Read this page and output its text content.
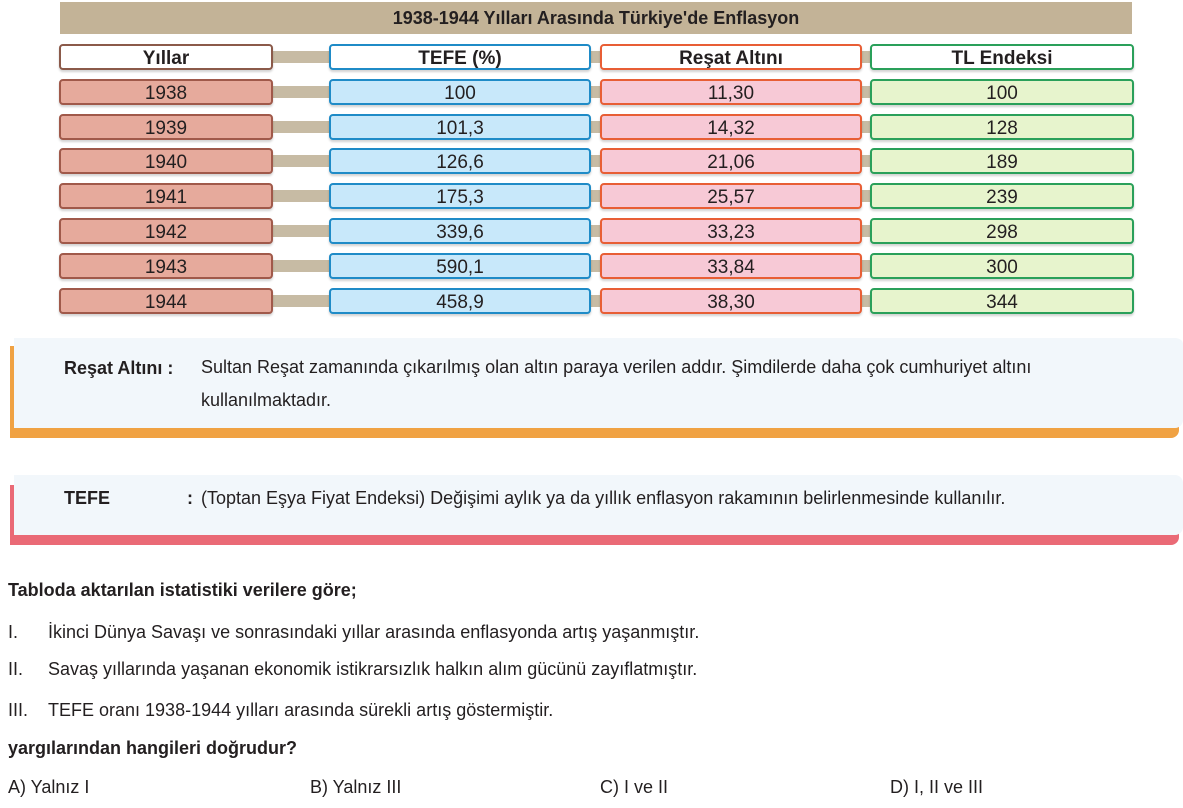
1938-1944 Yılları Arasında Türkiye'de Enflasyon
Yıllar	TEFE (%)	Reşat Altını	TL Endeksi
1938	100	11,30	100
1939	101,3	14,32	128
1940	126,6	21,06	189
1941	175,3	25,57	239
1942	339,6	33,23	298
1943	590,1	33,84	300
1944	458,9	38,30	344
Reşat Altını : Sultan Reşat zamanında çıkarılmış olan altın paraya verilen addır. Şimdilerde daha çok cumhuriyet altını
kullanılmaktadır.
TEFE	: (Toptan Eşya Fiyat Endeksi) Değişimi aylık ya da yıllık enflasyon rakamının belirlenmesinde kullanılır.
Tabloda aktarılan istatistiki verilere göre;
I. İkinci Dünya Savaşı ve sonrasındaki yıllar arasında enflasyonda artış yaşanmıştır.
II. Savaş yıllarında yaşanan ekonomik istikrarsızlık halkın alım gücünü zayıflatmıştır.
III. TEFE oranı 1938-1944 yılları arasında sürekli artış göstermiştir.
yargılarından hangileri doğrudur?
A) Yalnız I	B) Yalnız III	C) I ve II	D) I, II ve III
